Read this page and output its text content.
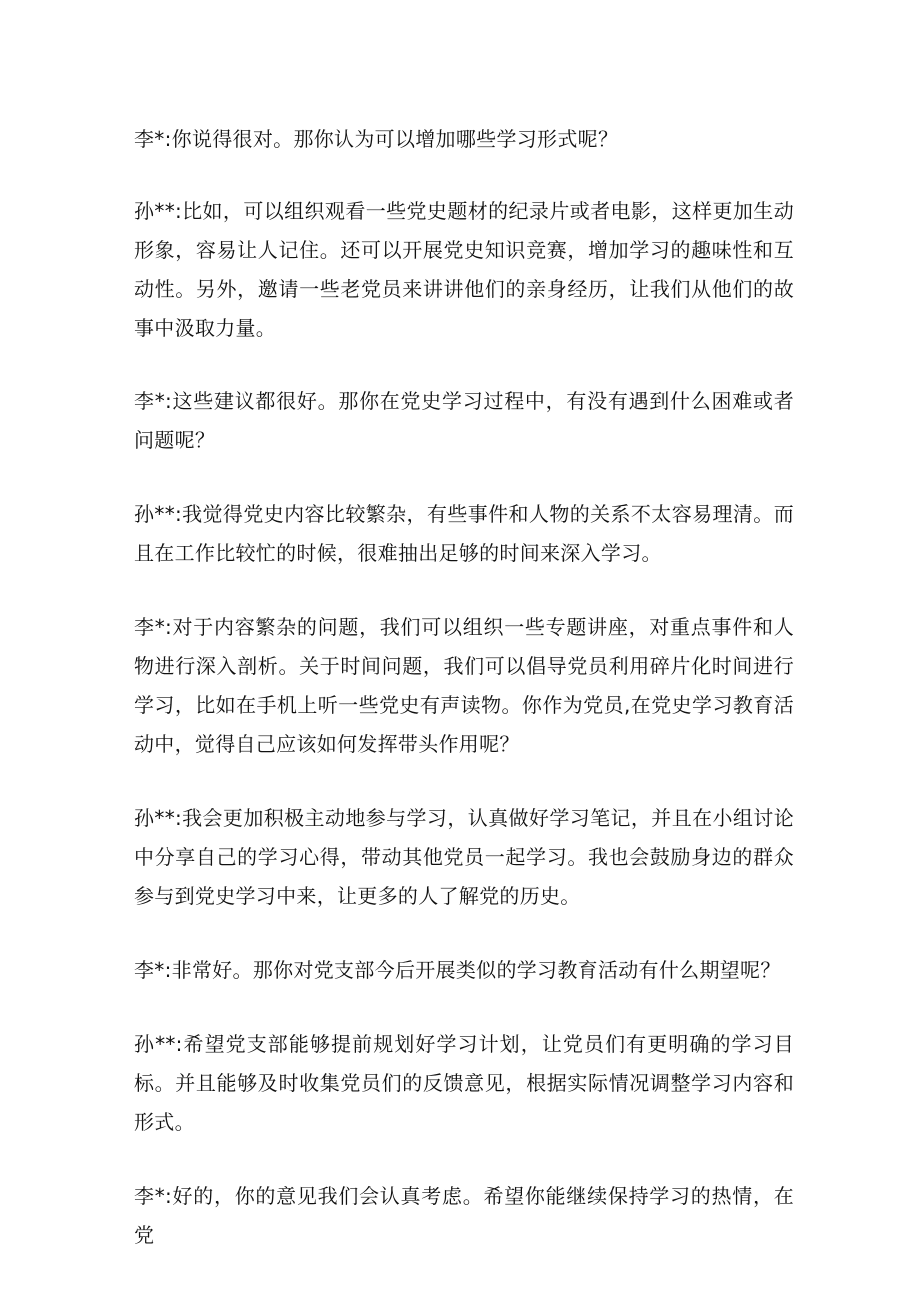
李*:你说得很对。那你认为可以增加哪些学习形式呢？

孙**:比如，可以组织观看一些党史题材的纪录片或者电影，这样更加生动形象，容易让人记住。还可以开展党史知识竞赛，增加学习的趣味性和互动性。另外，邀请一些老党员来讲讲他们的亲身经历，让我们从他们的故事中汲取力量。

李*:这些建议都很好。那你在党史学习过程中，有没有遇到什么困难或者问题呢？

孙**:我觉得党史内容比较繁杂，有些事件和人物的关系不太容易理清。而且在工作比较忙的时候，很难抽出足够的时间来深入学习。

李*:对于内容繁杂的问题，我们可以组织一些专题讲座，对重点事件和人物进行深入剖析。关于时间问题，我们可以倡导党员利用碎片化时间进行学习，比如在手机上听一些党史有声读物。你作为党员,在党史学习教育活动中，觉得自己应该如何发挥带头作用呢？

孙**:我会更加积极主动地参与学习，认真做好学习笔记，并且在小组讨论中分享自己的学习心得，带动其他党员一起学习。我也会鼓励身边的群众参与到党史学习中来，让更多的人了解党的历史。

李*:非常好。那你对党支部今后开展类似的学习教育活动有什么期望呢？

孙**:希望党支部能够提前规划好学习计划，让党员们有更明确的学习目标。并且能够及时收集党员们的反馈意见，根据实际情况调整学习内容和形式。

李*:好的，你的意见我们会认真考虑。希望你能继续保持学习的热情，在党
